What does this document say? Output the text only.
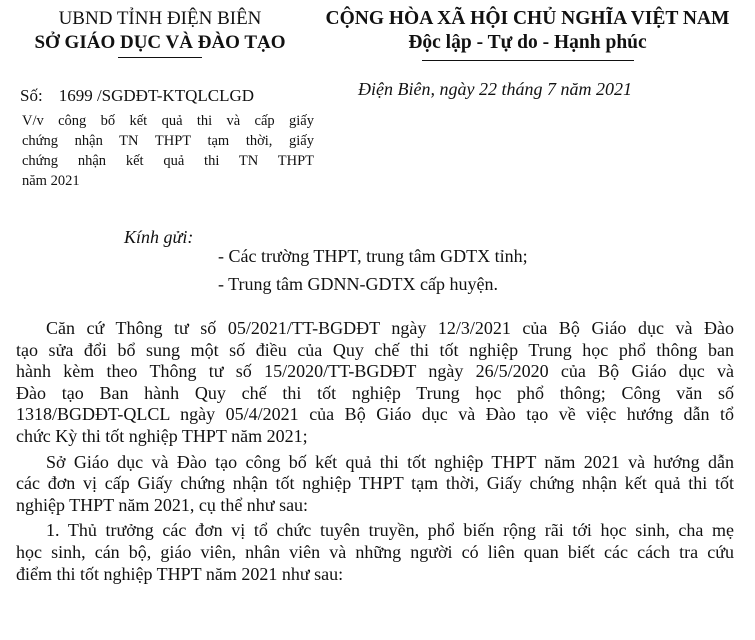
UBND TỈNH ĐIỆN BIÊN
SỞ GIÁO DỤC VÀ ĐÀO TẠO
CỘNG HÒA XÃ HỘI CHỦ NGHĨA VIỆT NAM
Độc lập - Tự do - Hạnh phúc
Số: 1699 /SGDĐT-KTQLCLGD	Điện Biên, ngày 22 tháng 7 năm 2021
V/v công bố kết quả thi và cấp giấy
chứng nhận TN THPT tạm thời, giấy
chứng nhận kết quả thi TN THPT
năm 2021
Kính gửi:
- Các trường THPT, trung tâm GDTX tỉnh;
- Trung tâm GDNN-GDTX cấp huyện.
Căn cứ Thông tư số 05/2021/TT-BGDĐT ngày 12/3/2021 của Bộ Giáo dục và Đào
tạo sửa đổi bổ sung một số điều của Quy chế thi tốt nghiệp Trung học phổ thông ban
hành kèm theo Thông tư số 15/2020/TT-BGDĐT ngày 26/5/2020 của Bộ Giáo dục và
Đào tạo Ban hành Quy chế thi tốt nghiệp Trung học phổ thông; Công văn số
1318/BGDĐT-QLCL ngày 05/4/2021 của Bộ Giáo dục và Đào tạo về việc hướng dẫn tổ
chức Kỳ thi tốt nghiệp THPT năm 2021;
Sở Giáo dục và Đào tạo công bố kết quả thi tốt nghiệp THPT năm 2021 và hướng dẫn
các đơn vị cấp Giấy chứng nhận tốt nghiệp THPT tạm thời, Giấy chứng nhận kết quả thi tốt
nghiệp THPT năm 2021, cụ thể như sau:
1. Thủ trưởng các đơn vị tổ chức tuyên truyền, phổ biến rộng rãi tới học sinh, cha mẹ
học sinh, cán bộ, giáo viên, nhân viên và những người có liên quan biết các cách tra cứu
điểm thi tốt nghiệp THPT năm 2021 như sau:
